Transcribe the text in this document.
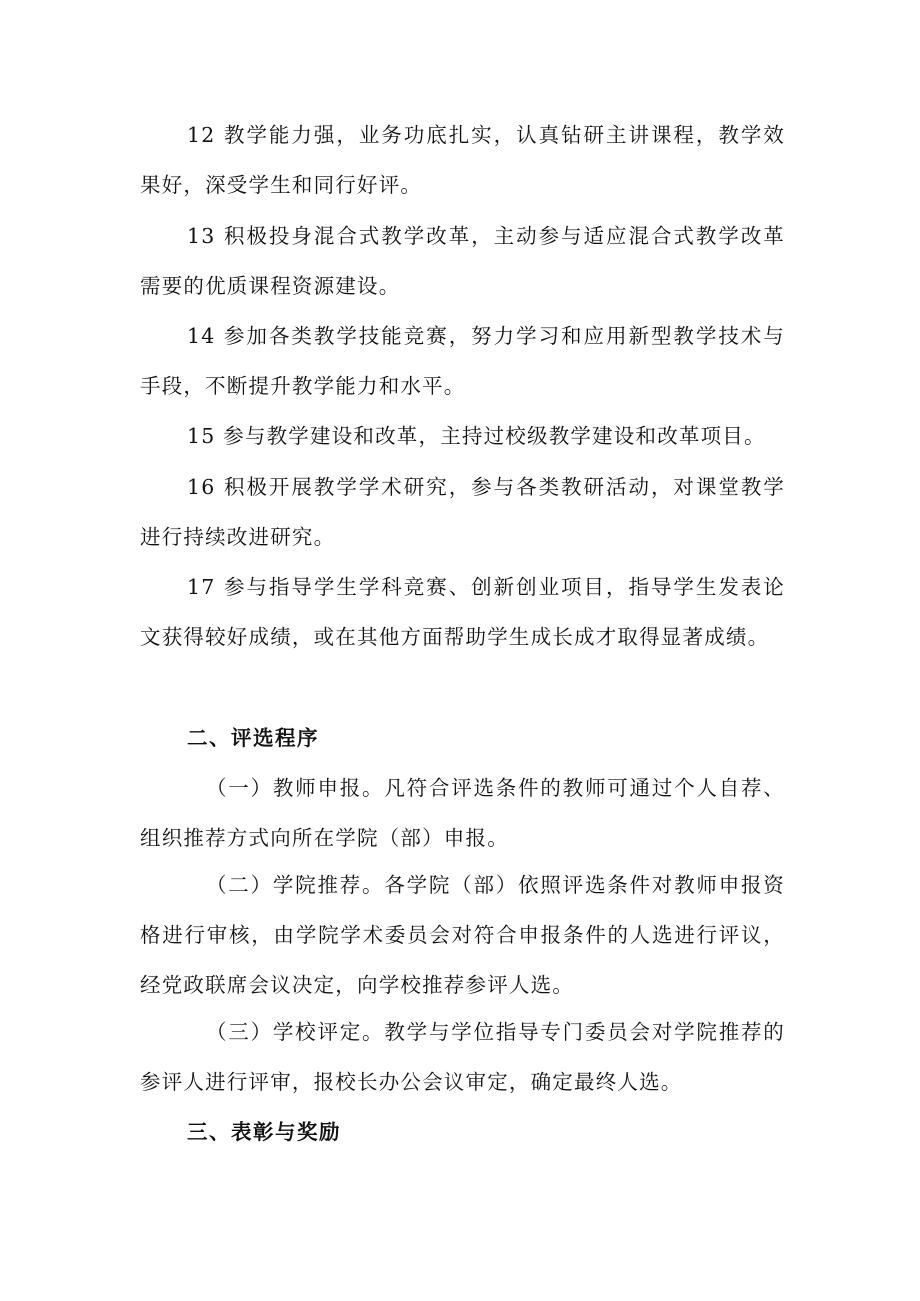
12 教学能力强，业务功底扎实，认真钻研主讲课程，教学效果好，深受学生和同行好评。

13 积极投身混合式教学改革，主动参与适应混合式教学改革需要的优质课程资源建设。

14 参加各类教学技能竞赛，努力学习和应用新型教学技术与手段，不断提升教学能力和水平。

15 参与教学建设和改革，主持过校级教学建设和改革项目。

16 积极开展教学学术研究，参与各类教研活动，对课堂教学进行持续改进研究。

17 参与指导学生学科竞赛、创新创业项目，指导学生发表论文获得较好成绩，或在其他方面帮助学生成长成才取得显著成绩。

二、评选程序

（一）教师申报。凡符合评选条件的教师可通过个人自荐、组织推荐方式向所在学院（部）申报。

（二）学院推荐。各学院（部）依照评选条件对教师申报资格进行审核，由学院学术委员会对符合申报条件的人选进行评议，经党政联席会议决定，向学校推荐参评人选。

（三）学校评定。教学与学位指导专门委员会对学院推荐的参评人进行评审，报校长办公会议审定，确定最终人选。

三、表彰与奖励
